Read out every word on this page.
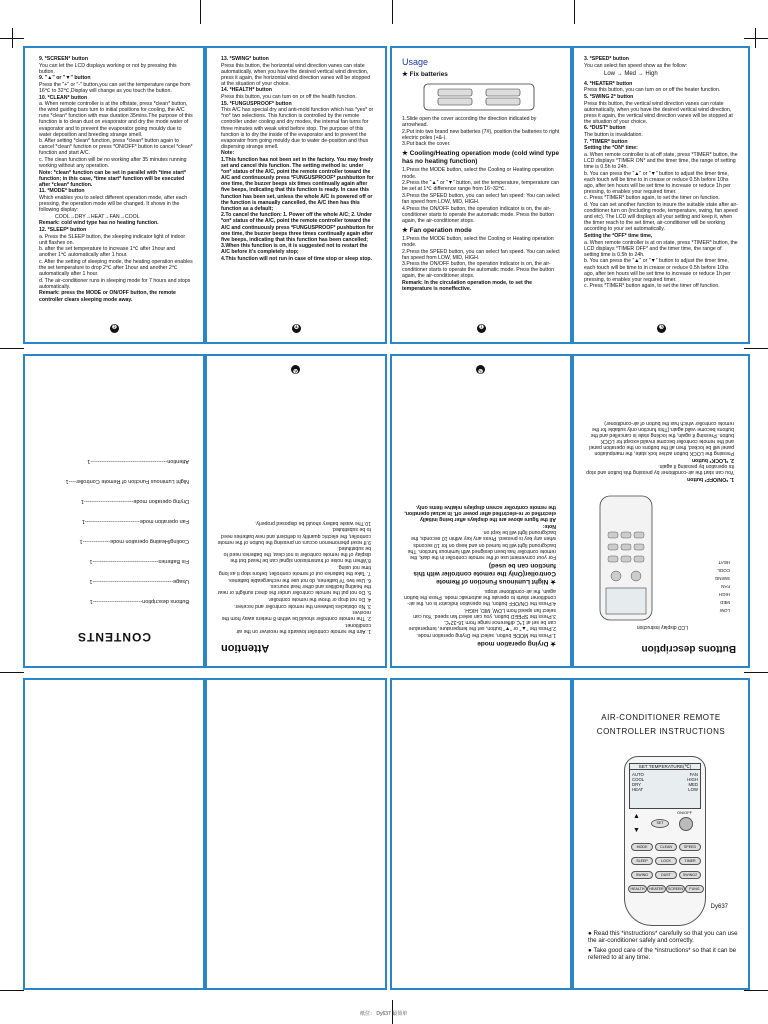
9. *SCREEN* button

You can let the LCD displays working or not by pressing this button.

9. "▲" or "▼" button

Press the "+" or "-" button,you can set the temperature range from 16℃ to 32℃,Display will change as you touch the button.

10. *CLEAN* button

a. When remote controller is at the offstate, press *clean* button, the wind guiding bars turn to initial positions for cooling, the A/C runs *clean* function with max duration 35mins.The purpose of this function is to clean dust on evaporator and dry the mode water of evaporator and to prevent the evaporator going mouldy due to water deposition and breeding strange smell.

b. After setting *clean* function, press *clean* button again to cancel *clean* function or press *ON/OFF* button to cancel *clean* function and start A/C.

c. The clean function will be no working after 35 minutes running working without any operation.

Note: *clean* function can be set in parallel with *time start* function; in this case, *time start* function will be executed after *clean* function.

11. *MODE* button

Which enables you to select different operation mode, after each pressing, the operation mode will be changed. It shows in the following display:

COOL→DRY→HEAT→FAN→COOL

Remark: cold wind type has no heating function.

12. *SLEEP* button

a. Press the SLEEP button, the sleeping indicator light of indoor unit flashes on.

b. after the set temperature to increase 1℃ after 1hour and another 1℃ automatically after 1 hour.

c. After the setting of sleeping mode, the heating operation enables the set temperature to drop 2℃ after 1hour and another 2℃ automatically after 1 hour.

d. The air-conditioner runs in sleeping mode for 7 hours and stops automatically.

Remark: press the MODE or ON/OFF button, the remote controller clears sleeping mode away.

❷

13. *SWING* button

Press this button, the horizontal wind direction vanes can state automatically, when you have the desired vertical wind direction, press it again, the horizontal wind direction vanes will be stopped at the situation of your choice.

14. *HEALTH* button

Press this button, you can turn on or off the health function.

15. *FUNGUSPROOF* button

This A/C has special dry and anti-mold function which has *yes* or *no* two selections. This function is controlled by the remote controller under cooling and dry modes, the internal fan turns for three minutes with weak wind before stop. The purpose of this function is to dry the inside of the evaporator and to prevent the evaporator from going mouldy due to water de-position and thus dispersing strange smell.

Note:

1.This function has not been set in the factory. You may freely set and cancel this function. The setting method is: under *on* status of the A/C, point the remote controller toward the A/C and continuously press *FUNGUSPROOF* pushbutton for one time, the buzzer beeps six times continually again after five beeps, indicating that this function is ready. In case this function has been set, unless the whole A/C is powered off or the function is manually cancelled, the A/C then has this function as a default;

2.To cancel the function: 1. Power off the whole A/C; 2. Under *on* status of the A/C, point the remote controller toward the A/C and continuously press *FUNGUSPROOF* pushbutton for one time, the buzzer beeps three times continually again after five beeps, indicating that this function has been cancelled;

3.When this function is on, it is suggested not to restart the A/C before it's completely stop;

4.This function will not run in case of time stop or sleep stop.

❹
Usage
★ Fix batteries

1.Slide open the cover according the direction indicated by arrowhead.

2.Put into two brand new batteries (7#), position the batteries to right electric poles (+&-).

3.Put back the cover.

★ Cooling/Heating operation mode (cold wind type has no heating function)

1.Press the MODE button, select the Cooling or Heating operation mode.

2.Press the "▲" or "▼" button, set the temperature, temperature can be set at 1℃ difference range from 16~32℃.

3.Press the SPEED button, you can select fan speed: You can select fan speed from LOW, MID, HIGH.

4.Press the ON/OFF button, the operation indicator is on, the air-conditioner starts to operate the automatic mode. Press the button again, the air-conditioner stops.

★ Fan operation mode

1.Press the MODE button, select the Cooling or Heating operation mode.

2.Press the SPEED button, you can select fan speed. You can select fan speed from LOW, MID, HIGH.

3.Press the ON/OFF button, the operation indicator is on, the air-conditioner starts to operate the automatic mode. Press the button again, the air-conditioner stops.

Remark: In the circulation operation mode, to set the temperature is noneffective.

❶

3. *SPEED* button

You can select fan speed show as the follow:

Low → Med → High

4. *HEATER* button

Press this button, you can turn on or off the heater function.

5. *SWING 2* button

Press this button, the vertical wind direction vanes can rotate automatically, when you have the desired vertical wind direction, press it again, the vertical wind direction vanes will be stopped at the situation of your choice.

6. *DUST* button

The button is invalidation.

7. *TIMER* button

Setting the *ON* time:

a. When remote controller is at off state, press *TIMER* button, the LCD displays *TIMER ON* and the timer time, the range of setting time is 0.5h to 24h.

b. You can press the "▲" or "▼" button to adjust the timer time, each touch will be time to in crease or reduce 0.5h before 10hs ago, after ten hours will be set time to increase or reduce 1h per pressing, to enables your required timer.

c. Press *TIMER* button again, to set the timer on function.

d. You can set another function to insure the suitable state after air-conditioner turn on (including mode, temperature, swing, fan speed and etc). The LCD will displays all your setting and keep it, when the timer reach to the set timer, air-conditioner will be working according to your set automatically.

Setting the *OFF* time time,

a. When remote controller is at on state, press *TIMER* button, the LCD displays *TIMER OFF* and the timer time, the range of setting time is 0.5h to 24h.

b. You can press the "▲" or "▼" button to adjust the timer time, each touch will be time to in crease or reduce 0.5h before 10hs ago, after ten hours will be set time to increase or reduce 1h per pressing, to enables your required timer.

c. Press *TIMER* button again, to set the timer off function.

❸
CONTENTS
Buttons description---------------------------1
Usage--------------------------------------------1
Fix Batteries------------------------------------1
Cooling/Heating operation mode---------------1
Fan operation mode------------------------------1
Drying operation mode---------------------------1
Night Luminous Function of Remote Controller----1
Attention------------------------------------------1
Attention

1. Aim the remote controller towards the receiver on the air conditioner.

2. The remote controller should be within 8 meters away from the receiver.

3. No obstacles between the remote controller and receiver.

4. Do not drop or throw the remote controller.

5. Do not put the remote controller under the direct sunlight or near the heating facilities and other heat sources.

6. Use two 7# batteries, do not use the rechargeable batteries.

7. Take the batteries out of remote controller, before stop it as long time not using.

8.When the noise of transmission signal can be heard but the display of the remote controller is not clear, the batteries need to be substituted.

9.If reset phenomenon occurs on pressing the button of the remote controller, the electric quantity is deficient and new batteries need to be substituted.

10.The waste battery should be disposed properly.

❻
★ Drying operation mode

1.Press the MODE button, select the Drying operation mode.

2.Press the "▲" or "▼" button, set the temperature, temperature can be set at 1℃ difference range from 16-32℃.

3.Press the SPEED button, you can select fan speed. You can select fan speed from LOW, MID, HIGH.

4.Press the ON/OFF button, the operation indicator is on, the air-conditioner starts to operate the automatic mode. Press the button again, the air-conditioner stops.

★ Night Luminous Function of Remote Controller(Only the remote controller with this function can be used)

For your convenient use of the remote controller in the dark, the remote controller has been designed with luminous function. The background light will be turned on and keep on for 10 seconds when any key is pressed. Press any key within 10 seconds, the background light will be kept on.

Note:

All the figure above are the displays after being initially electrified or re-electrified after power off. In actual operation, the remote controller screen displays relative items only.

❺
Buttons description
LCD display instruction
LOW
MED
HIGH
FAN
SWING
COOL
HEAT

1. *ON/OFF* button

You can start the air-conditioner by pressing this button and stop its operation by pressing it again.

2. *LOCK* button

Pressing the LOCK button active lock state, the manipulation panel will be locked, then all the buttons on the operation panel and the remote controller become invalid except for LOCK button. Pressing it again, the locking state is cancelled and the buttons become valid again.(This function only suitable for the remote controller which has the button of air-conditioner)

AIR-CONDITIONER REMOTE
CONTROLLER INSTRUCTIONS
SET TEMPERATURE(℃)
AUTO
COOL
DRY
HEAT
FAN
HIGH
MED
LOW
▲
SET
▼
ON/OFF
MODE	CLEAN	SPEED
SLEEP	LOCK	TIMER
SWING	DUST	SWING2
HEALTH	HEATER	SCREEN	FUNG

● Read this *instructions* carefully so that you can use the air-conditioner safely and correctly.

● Take good care of the *instructions* so that it can be referred to at any time.

Dy637
纸位： Dy637 最简单
